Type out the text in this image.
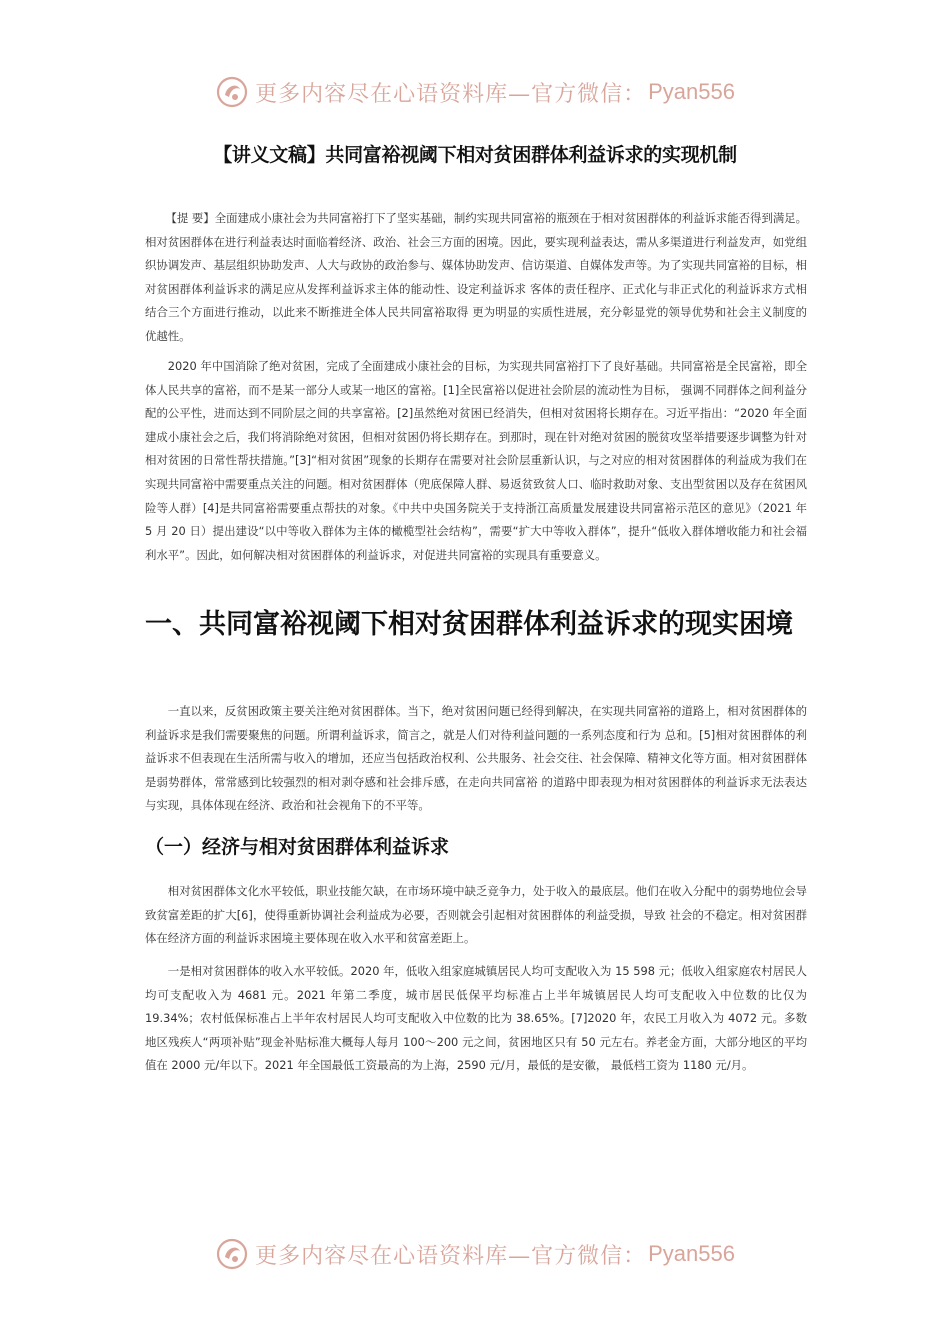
更多内容尽在心语资料库—官方微信： Pyan556
【讲义文稿】共同富裕视阈下相对贫困群体利益诉求的实现机制

【提 要】全面建成小康社会为共同富裕打下了坚实基础，制约实现共同富裕的瓶颈在于相对贫困群体的利益诉求能否得到满足。相对贫困群体在进行利益表达时面临着经济、政治、社会三方面的困境。因此，要实现利益表达，需从多渠道进行利益发声，如党组织协调发声、基层组织协助发声、人大与政协的政治参与、媒体协助发声、信访渠道、自媒体发声等。为了实现共同富裕的目标，相对贫困群体利益诉求的满足应从发挥利益诉求主体的能动性、设定利益诉求 客体的责任程序、正式化与非正式化的利益诉求方式相结合三个方面进行推动，以此来不断推进全体人民共同富裕取得 更为明显的实质性进展，充分彰显党的领导优势和社会主义制度的优越性。

2020 年中国消除了绝对贫困，完成了全面建成小康社会的目标，为实现共同富裕打下了良好基础。共同富裕是全民富裕，即全体人民共享的富裕，而不是某一部分人或某一地区的富裕。[1]全民富裕以促进社会阶层的流动性为目标， 强调不同群体之间利益分配的公平性，进而达到不同阶层之间的共享富裕。[2]虽然绝对贫困已经消失，但相对贫困将长期存在。习近平指出：“2020 年全面建成小康社会之后，我们将消除绝对贫困，但相对贫困仍将长期存在。到那时，现在针对绝对贫困的脱贫攻坚举措要逐步调整为针对相对贫困的日常性帮扶措施。”[3]“相对贫困”现象的长期存在需要对社会阶层重新认识，与之对应的相对贫困群体的利益成为我们在实现共同富裕中需要重点关注的问题。相对贫困群体（兜底保障人群、易返贫致贫人口、临时救助对象、支出型贫困以及存在贫困风险等人群）[4]是共同富裕需要重点帮扶的对象。《中共中央国务院关于支持浙江高质量发展建设共同富裕示范区的意见》（2021 年 5 月 20 日）提出建设“以中等收入群体为主体的橄榄型社会结构”，需要“扩大中等收入群体”，提升“低收入群体增收能力和社会福利水平”。因此，如何解决相对贫困群体的利益诉求，对促进共同富裕的实现具有重要意义。

一、共同富裕视阈下相对贫困群体利益诉求的现实困境

一直以来，反贫困政策主要关注绝对贫困群体。当下，绝对贫困问题已经得到解决，在实现共同富裕的道路上，相对贫困群体的利益诉求是我们需要聚焦的问题。所谓利益诉求，简言之，就是人们对待利益问题的一系列态度和行为 总和。[5]相对贫困群体的利益诉求不但表现在生活所需与收入的增加，还应当包括政治权利、公共服务、社会交往、社会保障、精神文化等方面。相对贫困群体是弱势群体，常常感到比较强烈的相对剥夺感和社会排斥感，在走向共同富裕 的道路中即表现为相对贫困群体的利益诉求无法表达与实现，具体体现在经济、政治和社会视角下的不平等。

（一）经济与相对贫困群体利益诉求

相对贫困群体文化水平较低，职业技能欠缺，在市场环境中缺乏竞争力，处于收入的最底层。他们在收入分配中的弱势地位会导致贫富差距的扩大[6]，使得重新协调社会利益成为必要，否则就会引起相对贫困群体的利益受损，导致 社会的不稳定。相对贫困群体在经济方面的利益诉求困境主要体现在收入水平和贫富差距上。

一是相对贫困群体的收入水平较低。2020 年，低收入组家庭城镇居民人均可支配收入为 15 598 元；低收入组家庭农村居民人均可支配收入为 4681 元。2021 年第二季度，城市居民低保平均标准占上半年城镇居民人均可支配收入中位数的比仅为 19.34%；农村低保标准占上半年农村居民人均可支配收入中位数的比为 38.65%。[7]2020 年，农民工月收入为 4072 元。多数地区残疾人“两项补贴”现金补贴标准大概每人每月 100～200 元之间，贫困地区只有 50 元左右。养老金方面，大部分地区的平均值在 2000 元/年以下。2021 年全国最低工资最高的为上海，2590 元/月，最低的是安徽， 最低档工资为 1180 元/月。

更多内容尽在心语资料库—官方微信： Pyan556
